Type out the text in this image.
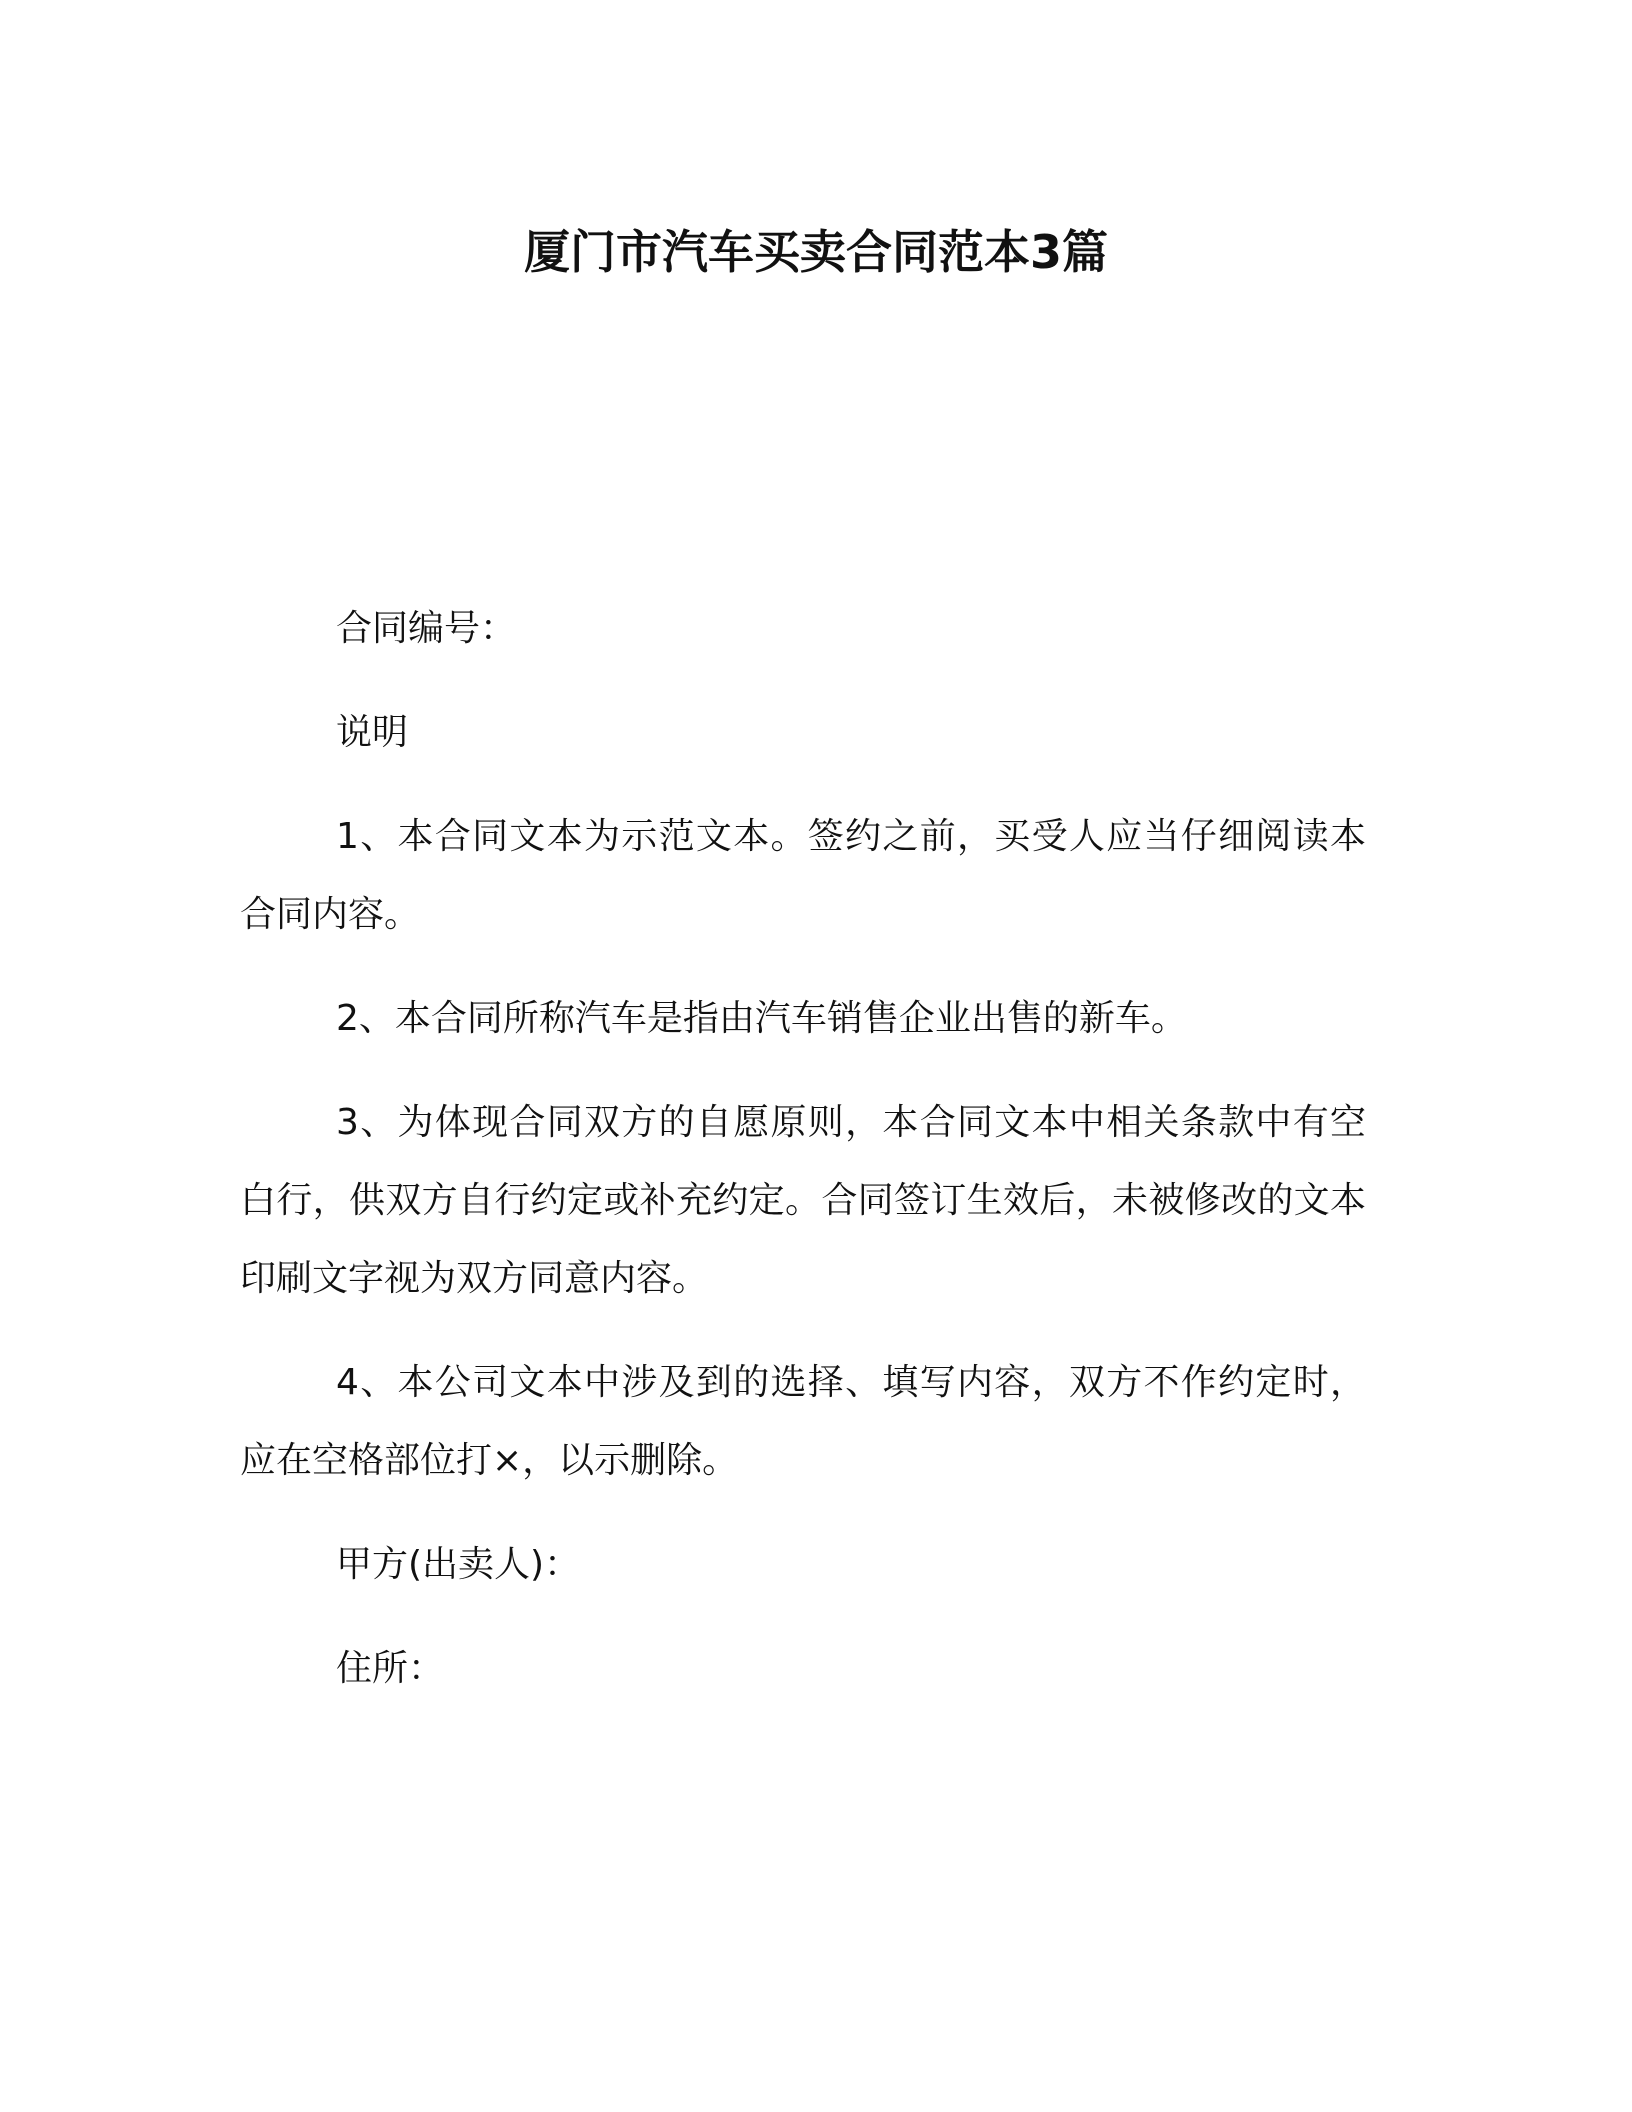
厦门市汽车买卖合同范本3篇

合同编号：

说明

1、本合同文本为示范文本。签约之前，买受人应当仔细阅读本合同内容。

2、本合同所称汽车是指由汽车销售企业出售的新车。

3、为体现合同双方的自愿原则，本合同文本中相关条款中有空白行，供双方自行约定或补充约定。合同签订生效后，未被修改的文本印刷文字视为双方同意内容。

4、本公司文本中涉及到的选择、填写内容，双方不作约定时，应在空格部位打×，以示删除。

甲方(出卖人)：

住所：
